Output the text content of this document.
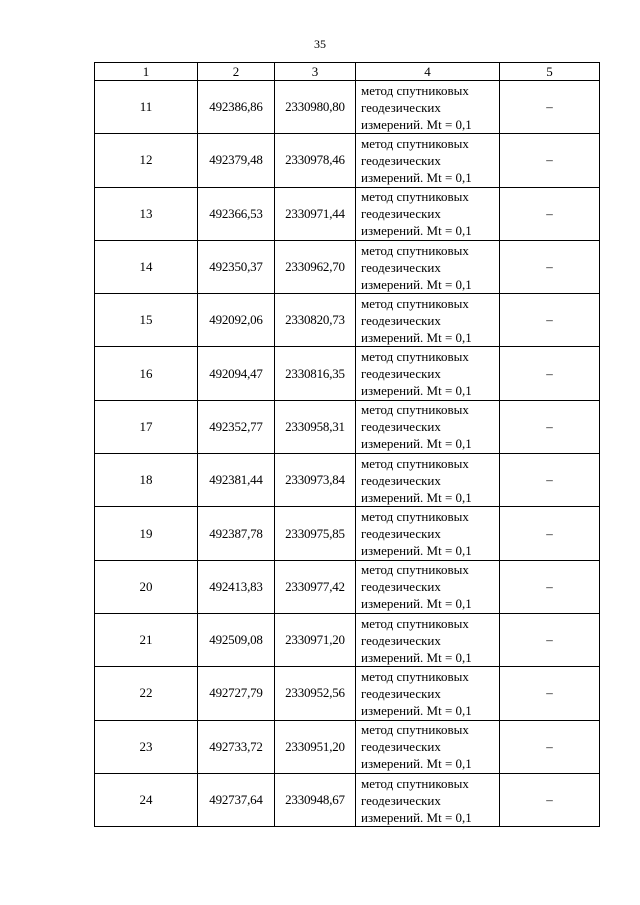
35
1	2	3	4	5
11	492386,86	2330980,80	метод спутниковых
геодезических
измерений. Mt = 0,1	–
12	492379,48	2330978,46	метод спутниковых
геодезических
измерений. Mt = 0,1	–
13	492366,53	2330971,44	метод спутниковых
геодезических
измерений. Mt = 0,1	–
14	492350,37	2330962,70	метод спутниковых
геодезических
измерений. Mt = 0,1	–
15	492092,06	2330820,73	метод спутниковых
геодезических
измерений. Mt = 0,1	–
16	492094,47	2330816,35	метод спутниковых
геодезических
измерений. Mt = 0,1	–
17	492352,77	2330958,31	метод спутниковых
геодезических
измерений. Mt = 0,1	–
18	492381,44	2330973,84	метод спутниковых
геодезических
измерений. Mt = 0,1	–
19	492387,78	2330975,85	метод спутниковых
геодезических
измерений. Mt = 0,1	–
20	492413,83	2330977,42	метод спутниковых
геодезических
измерений. Mt = 0,1	–
21	492509,08	2330971,20	метод спутниковых
геодезических
измерений. Mt = 0,1	–
22	492727,79	2330952,56	метод спутниковых
геодезических
измерений. Mt = 0,1	–
23	492733,72	2330951,20	метод спутниковых
геодезических
измерений. Mt = 0,1	–
24	492737,64	2330948,67	метод спутниковых
геодезических
измерений. Mt = 0,1	–
